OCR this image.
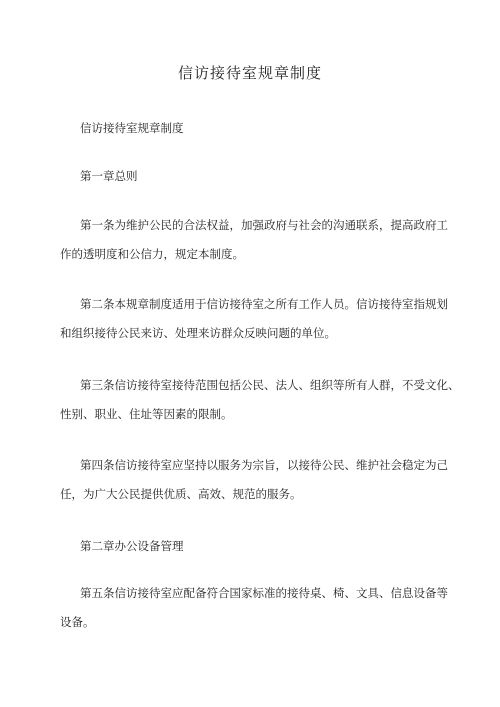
信访接待室规章制度
信访接待室规章制度
第一章总则
第一条为维护公民的合法权益，加强政府与社会的沟通联系，提高政府工
作的透明度和公信力，规定本制度。
第二条本规章制度适用于信访接待室之所有工作人员。信访接待室指规划
和组织接待公民来访、处理来访群众反映问题的单位。
第三条信访接待室接待范围包括公民、法人、组织等所有人群，不受文化、
性别、职业、住址等因素的限制。
第四条信访接待室应坚持以服务为宗旨，以接待公民、维护社会稳定为己
任，为广大公民提供优质、高效、规范的服务。
第二章办公设备管理
第五条信访接待室应配备符合国家标准的接待桌、椅、文具、信息设备等
设备。
